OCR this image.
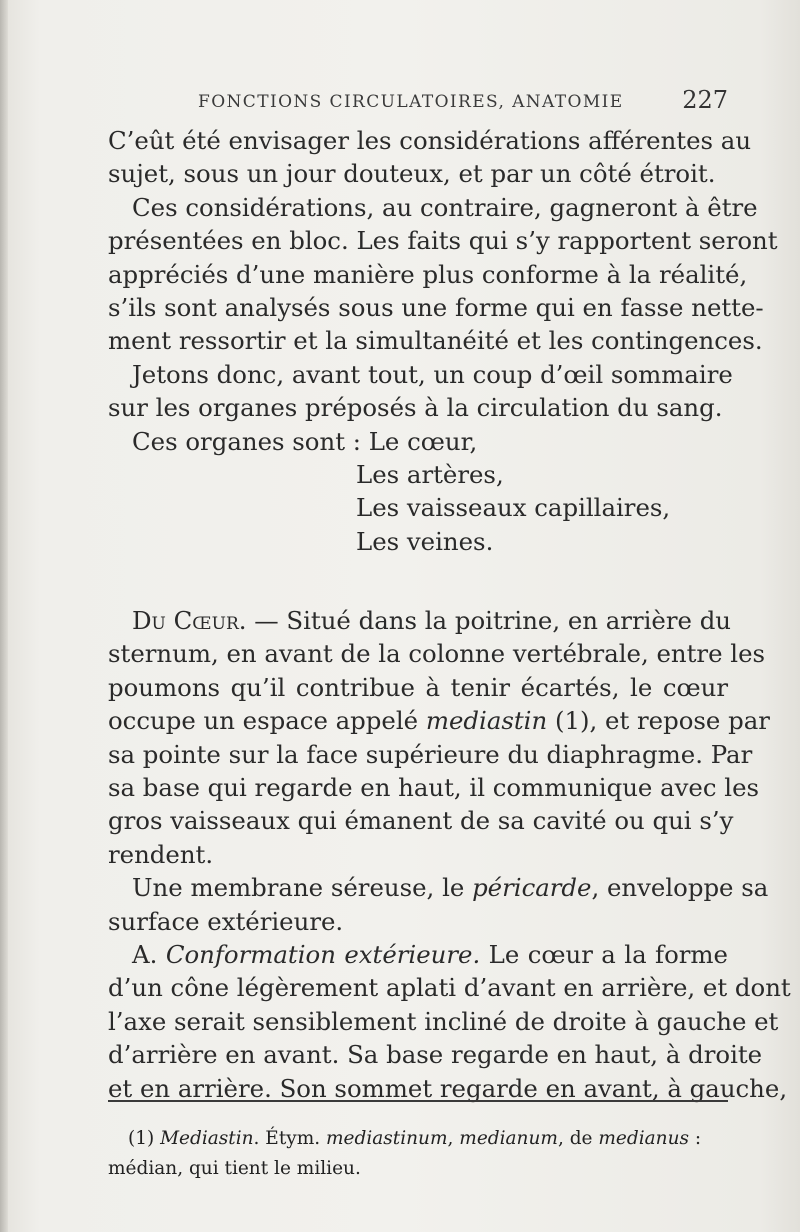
FONCTIONS CIRCULATOIRES, ANATOMIE 227
C’eût été envisager les considérations afférentes au
sujet, sous un jour douteux, et par un côté étroit.
Ces considérations, au contraire, gagneront à être
présentées en bloc. Les faits qui s’y rapportent seront
appréciés d’une manière plus conforme à la réalité,
s’ils sont analysés sous une forme qui en fasse nette-
ment ressortir et la simultanéité et les contingences.
Jetons donc, avant tout, un coup d’œil sommaire
sur les organes préposés à la circulation du sang.
Ces organes sont : Le cœur,
Les artères,
Les vaisseaux capillaires,
Les veines.
Du Cœur. — Situé dans la poitrine, en arrière du
sternum, en avant de la colonne vertébrale, entre les
poumons qu’il contribue à tenir écartés, le cœur
occupe un espace appelé mediastin (1), et repose par
sa pointe sur la face supérieure du diaphragme. Par
sa base qui regarde en haut, il communique avec les
gros vaisseaux qui émanent de sa cavité ou qui s’y
rendent.
Une membrane séreuse, le péricarde, enveloppe sa
surface extérieure.
A. Conformation extérieure. Le cœur a la forme
d’un cône légèrement aplati d’avant en arrière, et dont
l’axe serait sensiblement incliné de droite à gauche et
d’arrière en avant. Sa base regarde en haut, à droite
et en arrière. Son sommet regarde en avant, à gauche,
(1) Mediastin. Étym. mediastinum, medianum, de medianus :
médian, qui tient le milieu.
